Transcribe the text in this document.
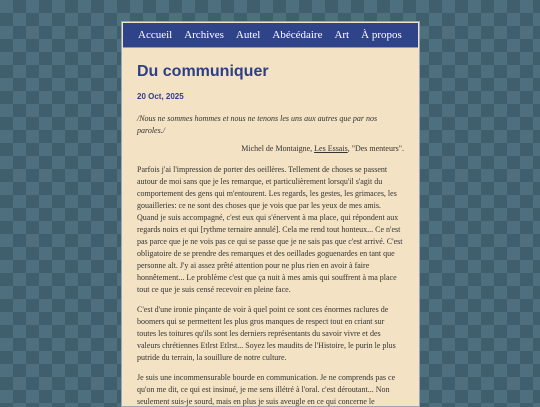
Accueil Archives Autel Abécédaire Art À propos
Du communiquer
20 Oct, 2025

/Nous ne sommes hommes et nous ne tenons les uns aux autres que par nos paroles./

Michel de Montaigne, Les Essais, "Des menteurs".

Parfois j'ai l'impression de porter des oeillères. Tellement de choses se passent autour de moi sans que je les remarque, et particulièrement lorsqu'il s'agit du comportement des gens qui m'entourent. Les regards, les gestes, les grimaces, les gouailleries: ce ne sont des choses que je vois que par les yeux de mes amis. Quand je suis accompagné, c'est eux qui s'énervent à ma place, qui répondent aux regards noirs et qui [rythme ternaire annulé]. Cela me rend tout honteux... Ce n'est pas parce que je ne vois pas ce qui se passe que je ne sais pas que c'est arrivé. C'est obligatoire de se prendre des remarques et des oeillades goguenardes en tant que personne alt. J'y ai assez prêté attention pour ne plus rien en avoir à faire honnêtement... Le problème c'est que ça nuit à mes amis qui souffrent à ma place tout ce que je suis censé recevoir en pleine face.

C'est d'une ironie pinçante de voir à quel point ce sont ces énormes raclures de boomers qui se permettent les plus gros manques de respect tout en criant sur toutes les toitures qu'ils sont les derniers représentants du savoir vivre et des valeurs chrétiennes Etlrst Etlrst... Soyez les maudits de l'Histoire, le purin le plus putride du terrain, la souillure de notre culture.

Je suis une incommensurable bourde en communication. Je ne comprends pas ce qu'on me dit, ce qui est insinué, je me sens illétré à l'oral. c'est déroutant... Non seulement suis-je sourd, mais en plus je suis aveugle en ce qui concerne le
